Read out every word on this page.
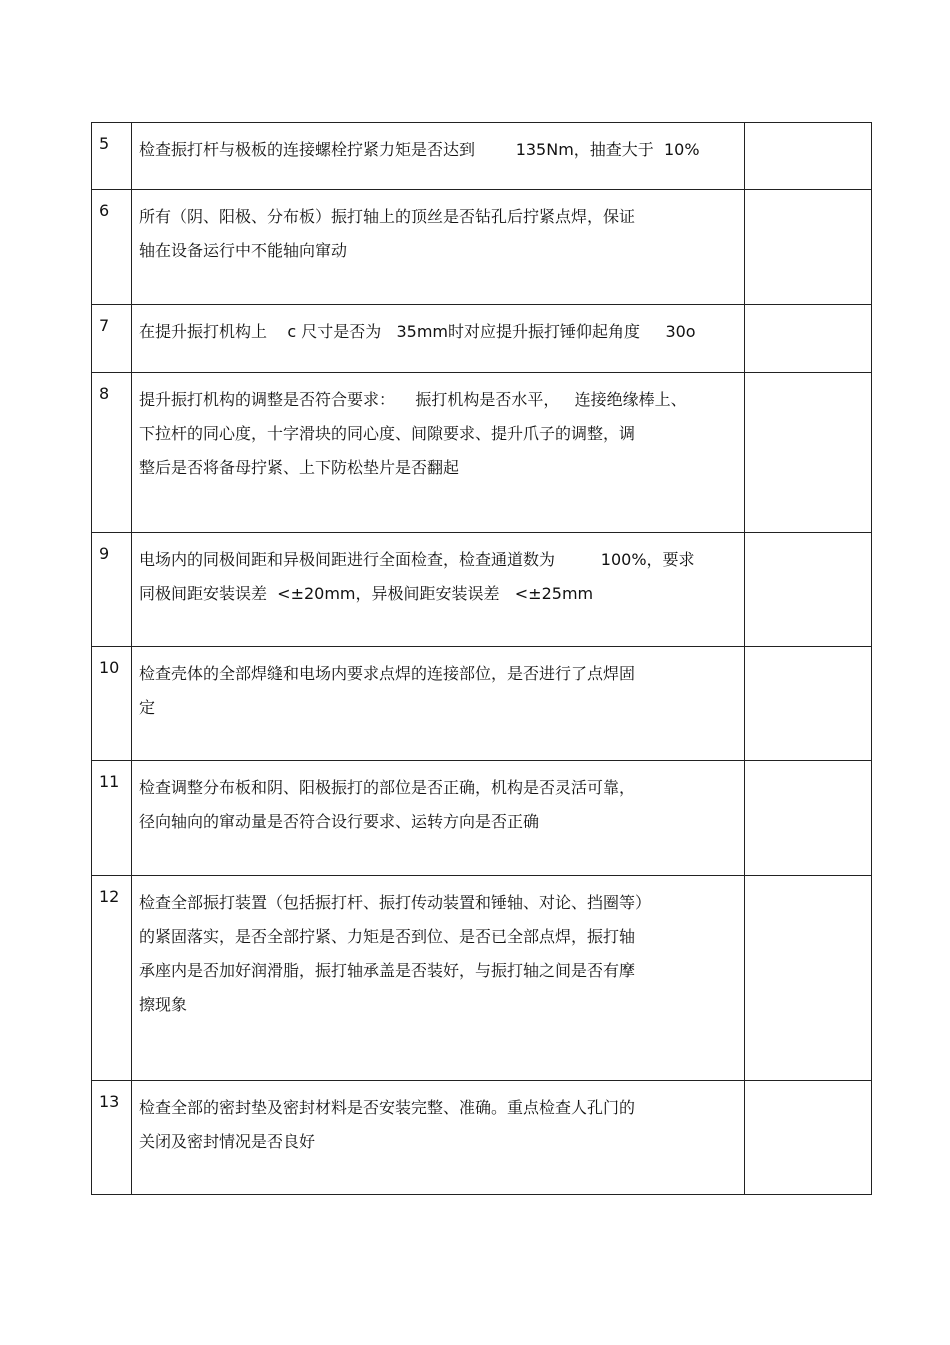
5	检查振打杆与极板的连接螺栓拧紧力矩是否达到        135Nm，抽查大于  10%	

6	所有（阴、阳极、分布板）振打轴上的顶丝是否钻孔后拧紧点焊，保证
轴在设备运行中不能轴向窜动	

7	在提升振打机构上    c 尺寸是否为   35mm时对应提升振打锤仰起角度     30o	

8	提升振打机构的调整是否符合要求：    振打机构是否水平，   连接绝缘棒上、
下拉杆的同心度，十字滑块的同心度、间隙要求、提升爪子的调整，调
整后是否将备母拧紧、上下防松垫片是否翻起	

9	电场内的同极间距和异极间距进行全面检查，检查通道数为         100%，要求
同极间距安装误差  <±20mm，异极间距安装误差   <±25mm	

10	检查壳体的全部焊缝和电场内要求点焊的连接部位，是否进行了点焊固
定	

11	检查调整分布板和阴、阳极振打的部位是否正确，机构是否灵活可靠，
径向轴向的窜动量是否符合设行要求、运转方向是否正确	

12	检查全部振打装置（包括振打杆、振打传动装置和锤轴、对论、挡圈等）
的紧固落实，是否全部拧紧、力矩是否到位、是否已全部点焊，振打轴
承座内是否加好润滑脂，振打轴承盖是否装好，与振打轴之间是否有摩
擦现象	

13	检查全部的密封垫及密封材料是否安装完整、准确。重点检查人孔门的
关闭及密封情况是否良好	
